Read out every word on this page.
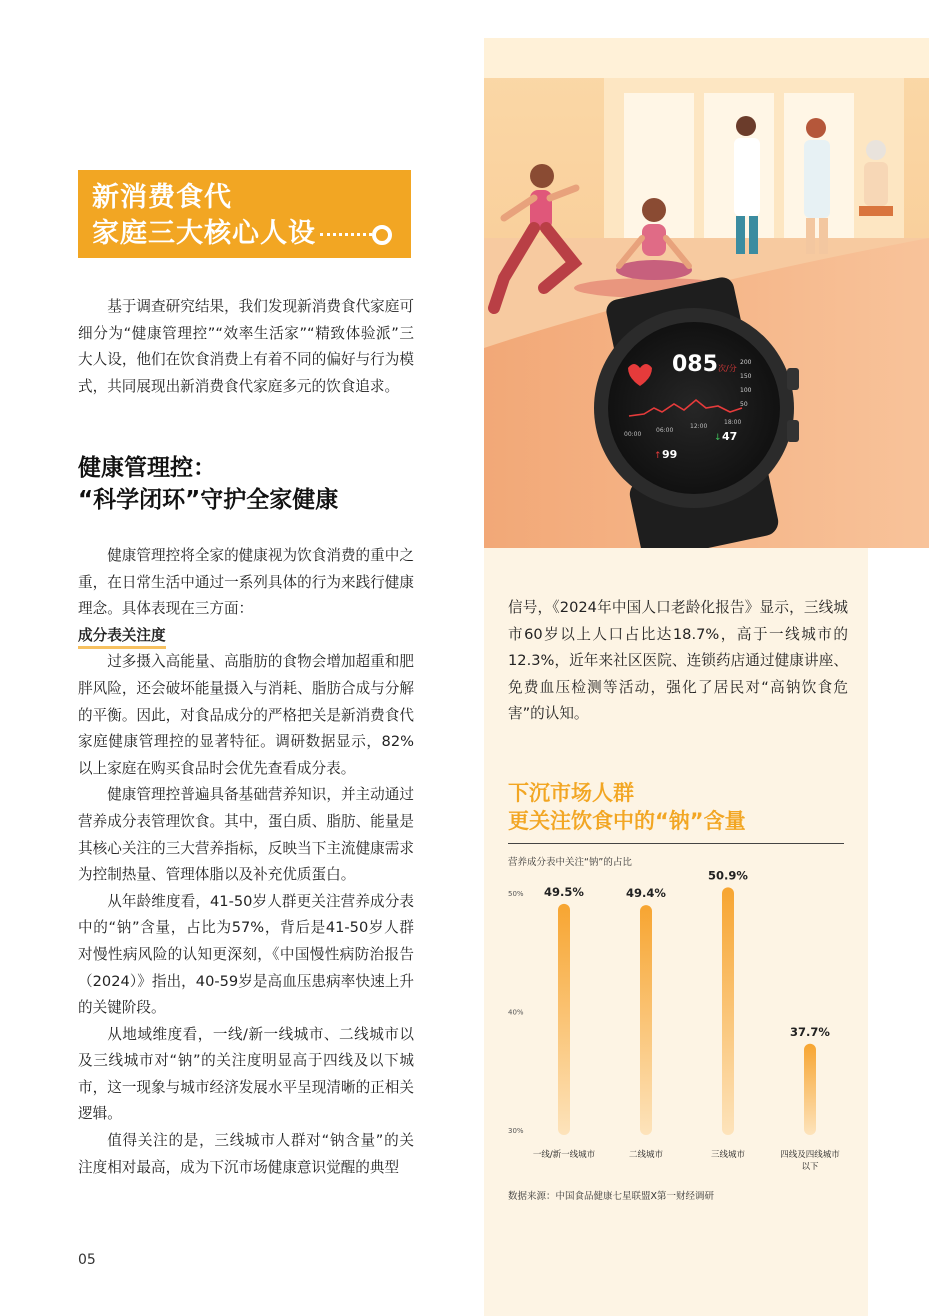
新消费食代
家庭三大核心人设

基于调查研究结果，我们发现新消费食代家庭可细分为“健康管理控”“效率生活家”“精致体验派”三大人设，他们在饮食消费上有着不同的偏好与行为模式，共同展现出新消费食代家庭多元的饮食追求。

健康管理控：
“科学闭环”守护全家健康

健康管理控将全家的健康视为饮食消费的重中之重，在日常生活中通过一系列具体的行为来践行健康理念。具体表现在三方面：

成分表关注度

过多摄入高能量、高脂肪的食物会增加超重和肥胖风险，还会破坏能量摄入与消耗、脂肪合成与分解的平衡。因此，对食品成分的严格把关是新消费食代家庭健康管理控的显著特征。调研数据显示，82%以上家庭在购买食品时会优先查看成分表。

健康管理控普遍具备基础营养知识，并主动通过营养成分表管理饮食。其中，蛋白质、脂肪、能量是其核心关注的三大营养指标，反映当下主流健康需求为控制热量、管理体脂以及补充优质蛋白。

从年龄维度看，41-50岁人群更关注营养成分表中的“钠”含量，占比为57%，背后是41-50岁人群对慢性病风险的认知更深刻，《中国慢性病防治报告（2024）》指出，40-59岁是高血压患病率快速上升的关键阶段。

从地域维度看，一线/新一线城市、二线城市以及三线城市对“钠”的关注度明显高于四线及以下城市，这一现象与城市经济发展水平呈现清晰的正相关逻辑。

值得关注的是，三线城市人群对“钠含量”的关注度相对最高，成为下沉市场健康意识觉醒的典型

05
085 次/分
200
150
100
50
00:00
06:00
12:00
18:00
↑ 99
↓ 47
信号，《2024年中国人口老龄化报告》显示，三线城市60岁以上人口占比达18.7%，高于一线城市的12.3%，近年来社区医院、连锁药店通过健康讲座、免费血压检测等活动，强化了居民对“高钠饮食危害”的认知。
下沉市场人群
更关注饮食中的“钠”含量
营养成分表中关注“钠”的占比
50%
40%
30%
49.5%
一线/新一线城市
49.4%
二线城市
50.9%
三线城市
37.7%
四线及四线城市
以下
数据来源：中国食品健康七星联盟X第一财经调研
